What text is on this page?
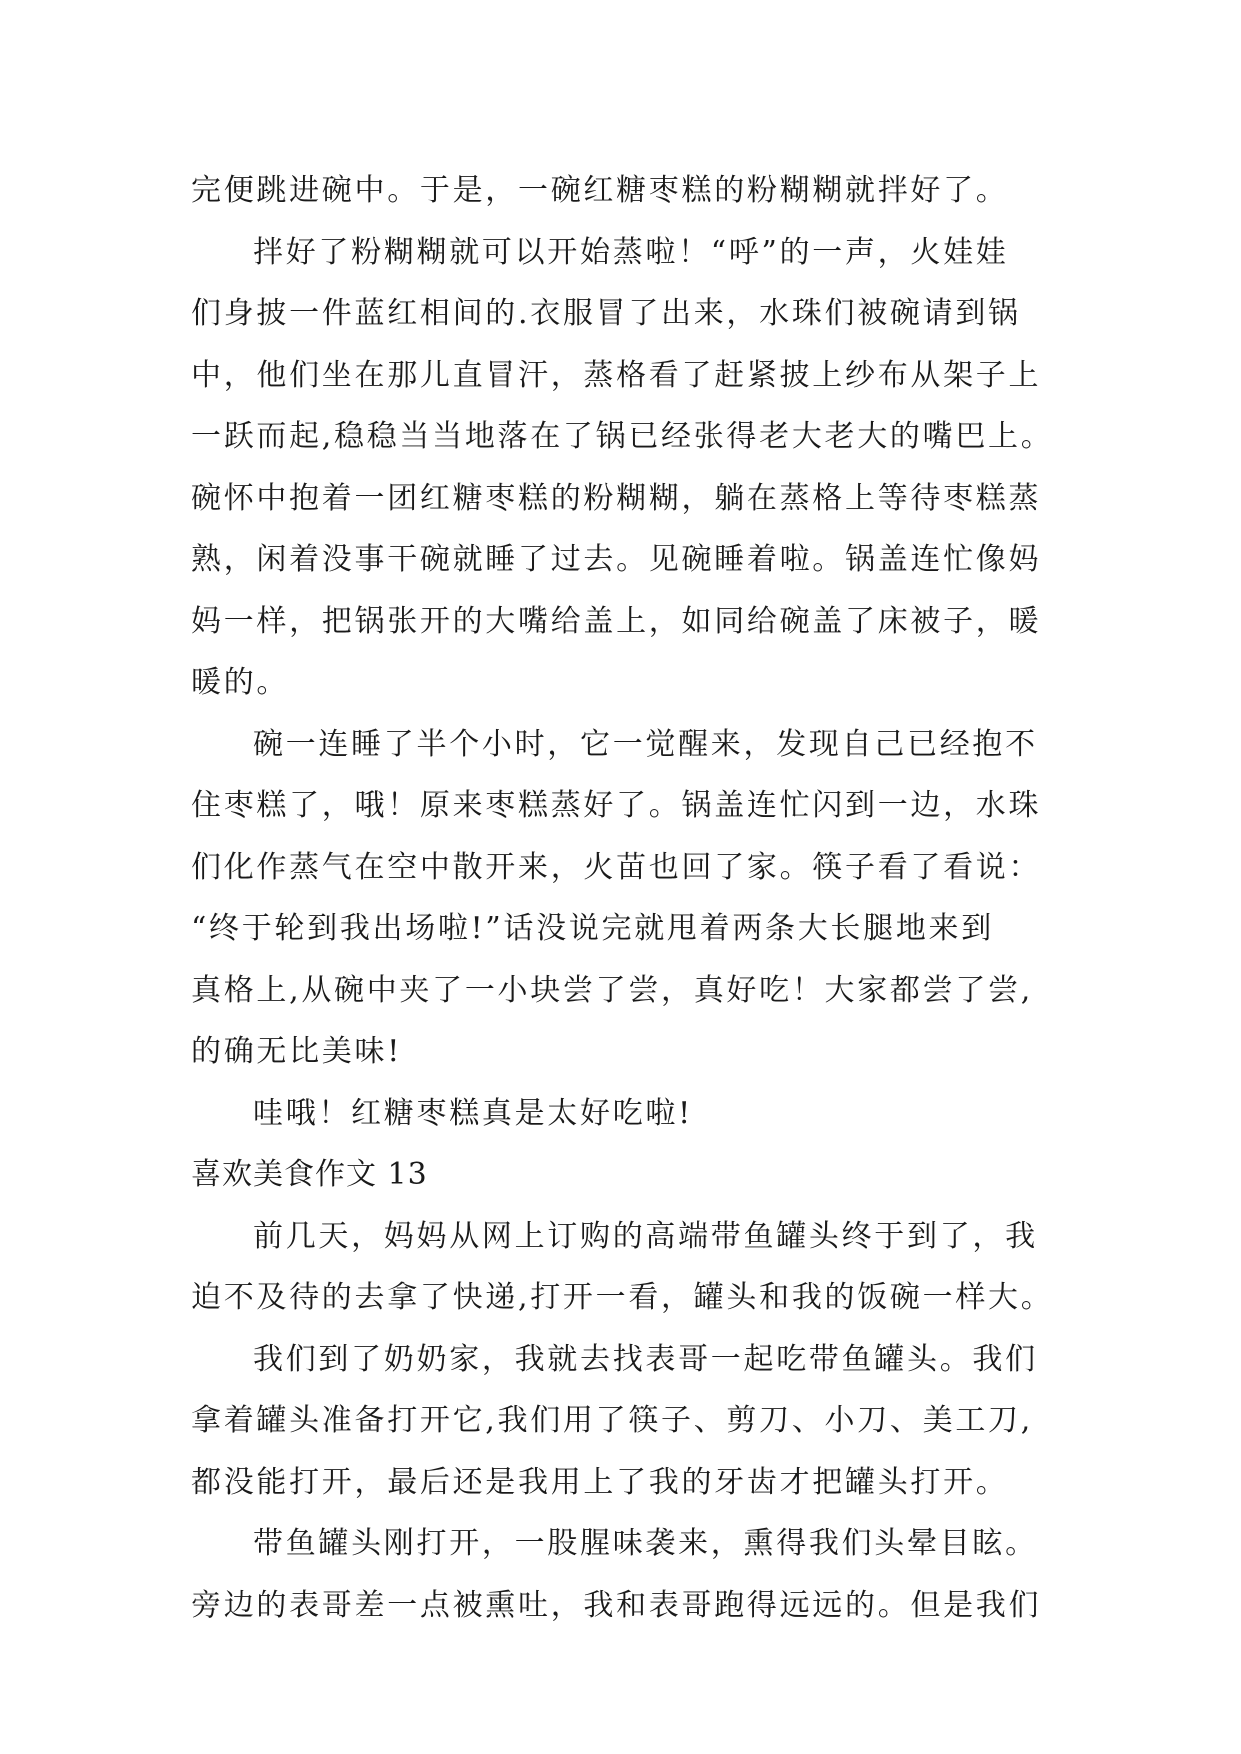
完便跳进碗中。于是，一碗红糖枣糕的粉糊糊就拌好了。
拌好了粉糊糊就可以开始蒸啦！“呼”的一声，火娃娃
们身披一件蓝红相间的.衣服冒了出来，水珠们被碗请到锅
中，他们坐在那儿直冒汗，蒸格看了赶紧披上纱布从架子上
一跃而起,稳稳当当地落在了锅已经张得老大老大的嘴巴上。
碗怀中抱着一团红糖枣糕的粉糊糊，躺在蒸格上等待枣糕蒸
熟，闲着没事干碗就睡了过去。见碗睡着啦。锅盖连忙像妈
妈一样，把锅张开的大嘴给盖上，如同给碗盖了床被子，暖
暖的。
碗一连睡了半个小时，它一觉醒来，发现自己已经抱不
住枣糕了，哦！原来枣糕蒸好了。锅盖连忙闪到一边，水珠
们化作蒸气在空中散开来，火苗也回了家。筷子看了看说：
“终于轮到我出场啦!”话没说完就甩着两条大长腿地来到
真格上,从碗中夹了一小块尝了尝，真好吃！大家都尝了尝,
的确无比美味!
哇哦！红糖枣糕真是太好吃啦!
喜欢美食作文 13
前几天，妈妈从网上订购的高端带鱼罐头终于到了，我
迫不及待的去拿了快递,打开一看，罐头和我的饭碗一样大。
我们到了奶奶家，我就去找表哥一起吃带鱼罐头。我们
拿着罐头准备打开它,我们用了筷子、剪刀、小刀、美工刀,
都没能打开，最后还是我用上了我的牙齿才把罐头打开。
带鱼罐头刚打开，一股腥味袭来，熏得我们头晕目眩。
旁边的表哥差一点被熏吐，我和表哥跑得远远的。但是我们
